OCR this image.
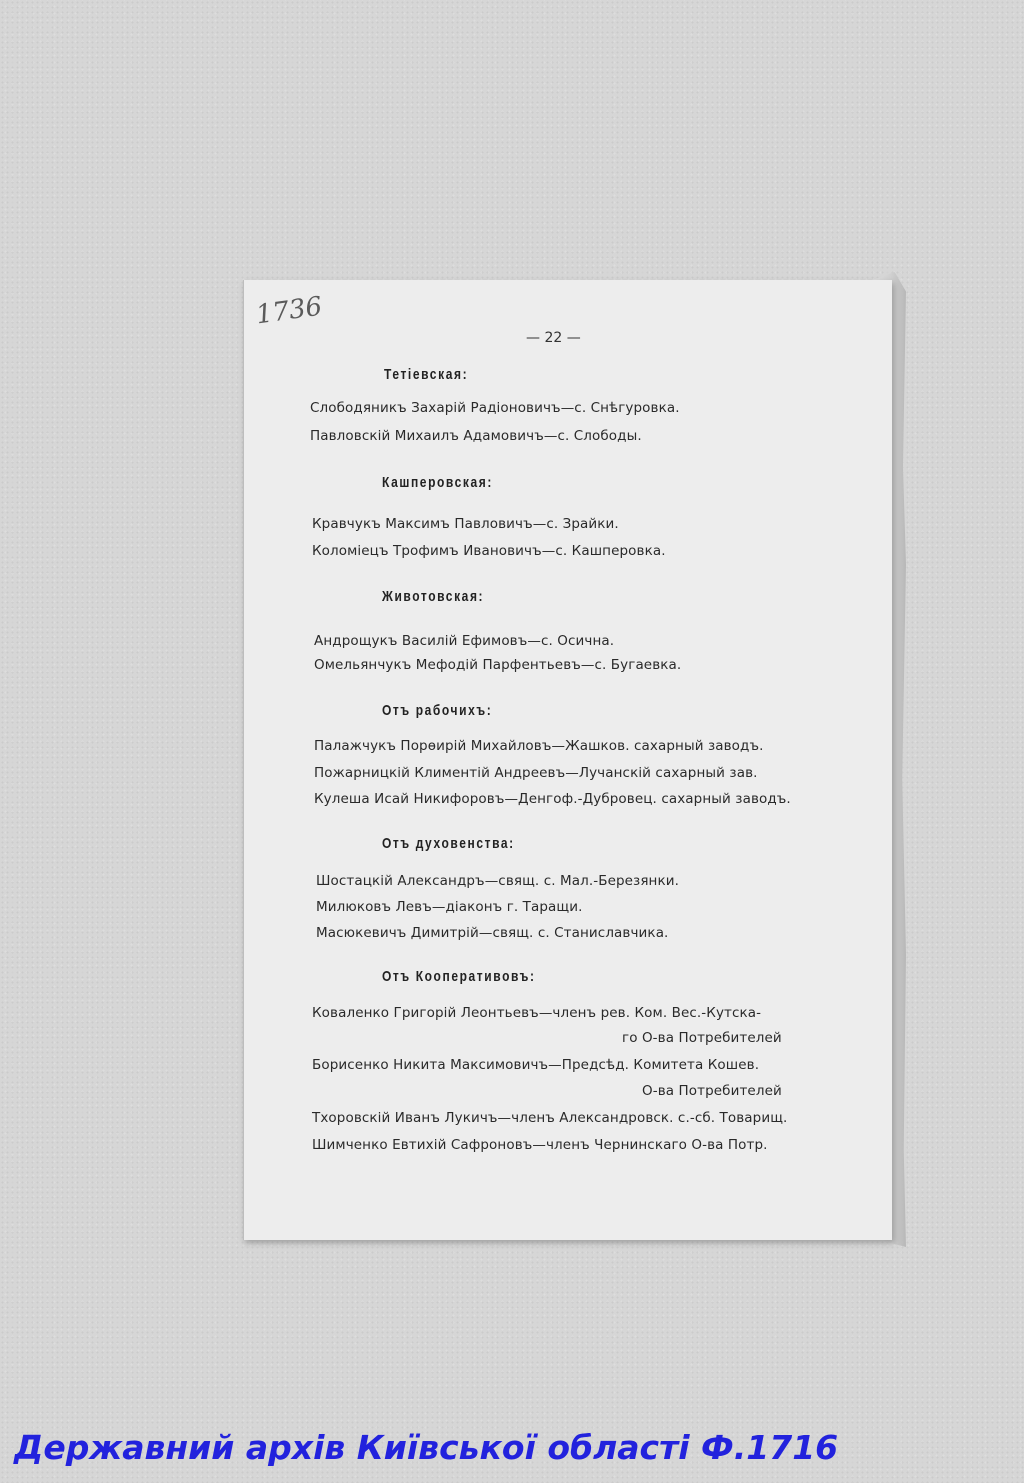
1736
— 22 —
Тетіевская:
Слободяникъ Захарій Радіоновичъ—с. Снѣгуровка.
Павловскій Михаилъ Адамовичъ—с. Слободы.
Кашперовская:
Кравчукъ Максимъ Павловичъ—с. Зрайки.
Коломіецъ Трофимъ Ивановичъ—с. Кашперовка.
Животовская:
Андрощукъ Василій Ефимовъ—с. Осична.
Омельянчукъ Мефодій Парфентьевъ—с. Бугаевка.
Отъ рабочихъ:
Палажчукъ Порѳирій Михайловъ—Жашков. сахарный заводъ.
Пожарницкій Климентій Андреевъ—Лучанскій сахарный зав.
Кулеша Исай Никифоровъ—Денгоф.-Дубровец. сахарный заводъ.
Отъ духовенства:
Шостацкій Александръ—свящ. с. Мал.-Березянки.
Милюковъ Левъ—діаконъ г. Таращи.
Масюкевичъ Димитрій—свящ. с. Станиславчика.
Отъ Кооперативовъ:
Коваленко Григорій Леонтьевъ—членъ рев. Ком. Вес.-Кутска-
го О-ва Потребителей
Борисенко Никита Максимовичъ—Предсѣд. Комитета Кошев.
О-ва Потребителей
Тхоровскій Иванъ Лукичъ—членъ Александровск. с.-сб. Товарищ.
Шимченко Евтихій Сафроновъ—членъ Чернинскаго О-ва Потр.
Державний архів Київської області Ф.1716
